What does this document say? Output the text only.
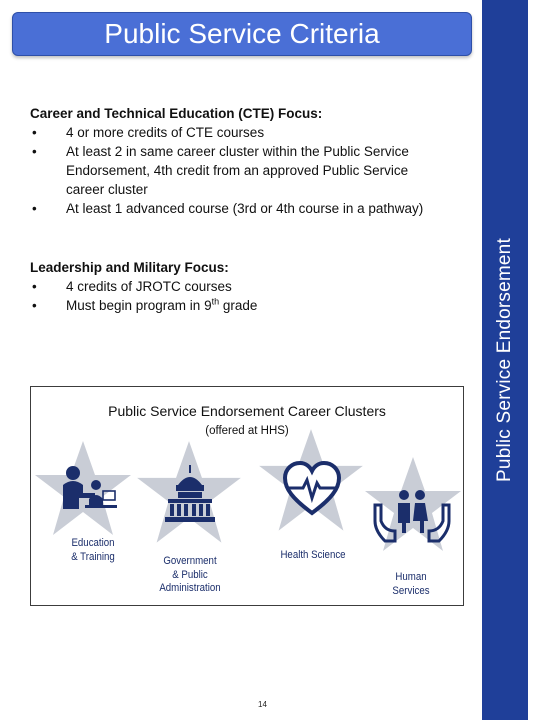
Public Service Criteria
Public Service Endorsement
Career and Technical Education (CTE) Focus:
• 4 or more credits of CTE courses
• At least 2 in same career cluster within the Public Service Endorsement, 4th credit from an approved Public Service career cluster
• At least 1 advanced course (3rd or 4th course in a pathway)
Leadership and Military Focus:
• 4 credits of JROTC courses
• Must begin program in 9th grade
Public Service Endorsement Career Clusters
(offered at HHS)
Education
& Training	Government
& Public
Administration
Health Science
Human
Services
14
